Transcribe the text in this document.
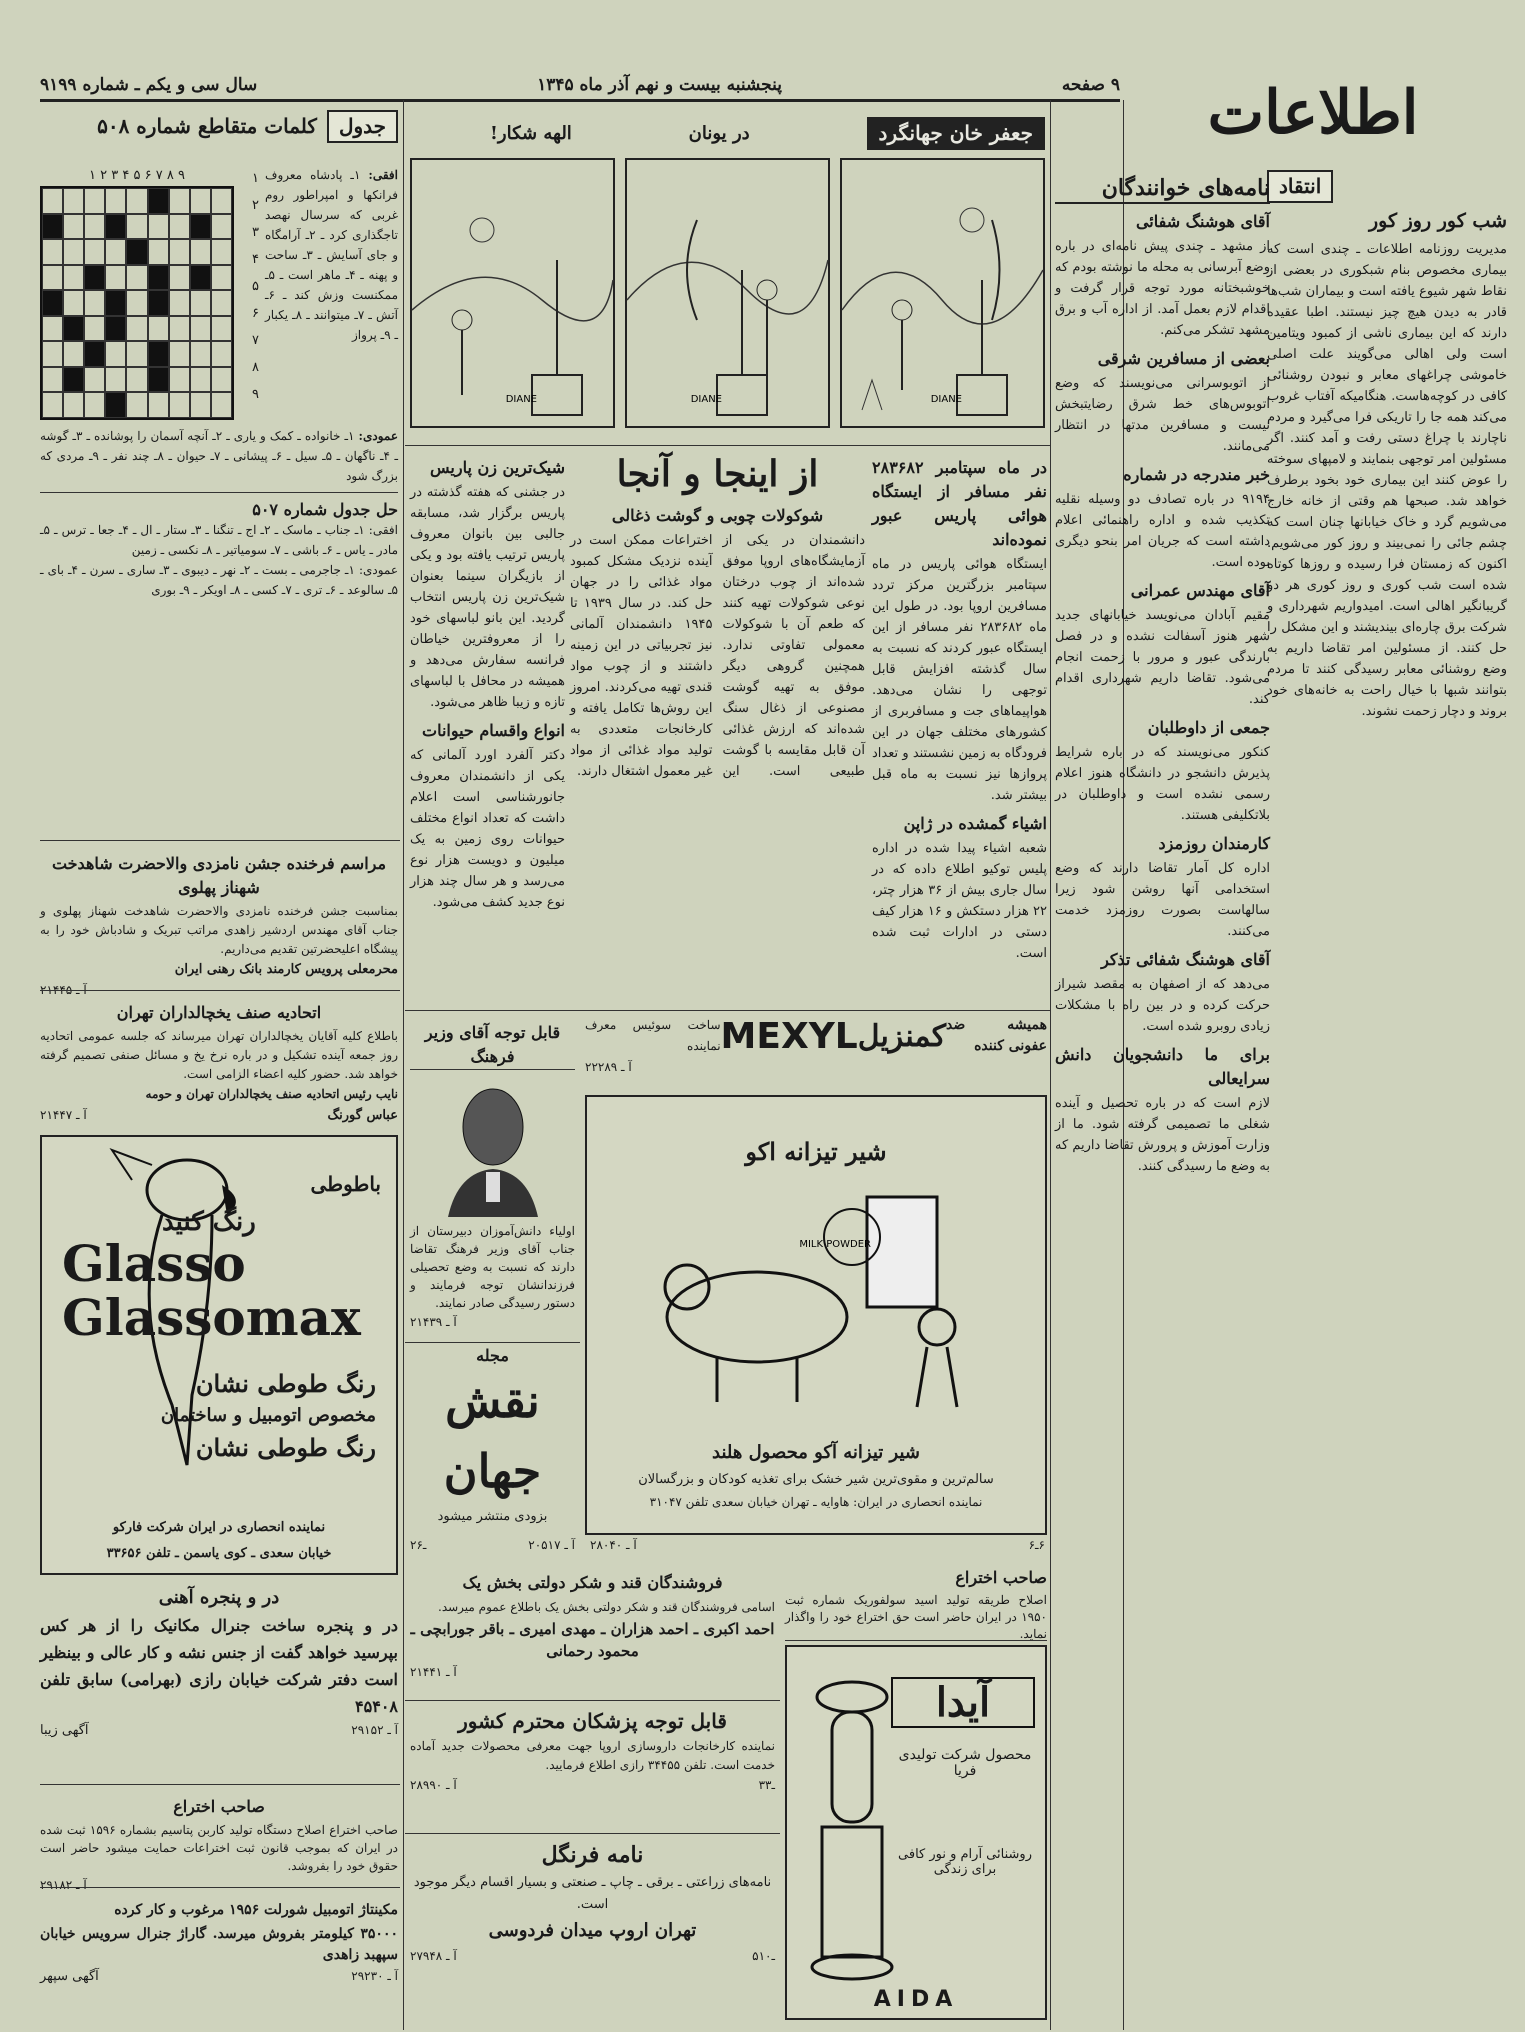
۹ صفحه
پنجشنبه بیست و نهم آذر ماه ۱۳۴۵
سال سی و یکم ـ شماره ۹۱۹۹	اطلاعات
انتقاد
شب کور روز کور
مدیریت روزنامه اطلاعات ـ چندی است که بیماری مخصوص بنام شبکوری در بعضی از نقاط شهر شیوع یافته است و بیماران شب‌ها قادر به دیدن هیچ چیز نیستند. اطبا عقیده دارند که این بیماری ناشی از کمبود ویتامین است ولی اهالی می‌گویند علت اصلی خاموشی چراغهای معابر و نبودن روشنائی کافی در کوچه‌هاست. هنگامیکه آفتاب غروب می‌کند همه جا را تاریکی فرا می‌گیرد و مردم ناچارند با چراغ دستی رفت و آمد کنند. اگر مسئولین امر توجهی بنمایند و لامپهای سوخته را عوض کنند این بیماری خود بخود برطرف خواهد شد. صبحها هم وقتی از خانه خارج می‌شویم گرد و خاک خیابانها چنان است که چشم جائی را نمی‌بیند و روز کور می‌شویم. اکنون که زمستان فرا رسیده و روزها کوتاه شده است شب کوری و روز کوری هر دو گریبانگیر اهالی است. امیدواریم شهرداری و شرکت برق چاره‌ای بیندیشند و این مشکل را حل کنند. از مسئولین امر تقاضا داریم به وضع روشنائی معابر رسیدگی کنند تا مردم بتوانند شبها با خیال راحت به خانه‌های خود بروند و دچار زحمت نشوند.
نامه‌های خوانندگان
آقای هوشنگ شفائی
از مشهد ـ چندی پیش نامه‌ای در باره وضع آبرسانی به محله ما نوشته بودم که خوشبختانه مورد توجه قرار گرفت و اقدام لازم بعمل آمد. از اداره آب و برق مشهد تشکر می‌کنم.
بعضی از مسافرین شرقی
از اتوبوسرانی می‌نویسند که وضع اتوبوس‌های خط شرق رضایتبخش نیست و مسافرین مدتها در انتظار می‌مانند.
خبر مندرجه در شماره
۹۱۹۴ در باره تصادف دو وسیله نقلیه تکذیب شده و اداره راهنمائی اعلام داشته است که جریان امر بنحو دیگری بوده است.
آقای مهندس عمرانی
مقیم آبادان می‌نویسد خیابانهای جدید شهر هنوز آسفالت نشده و در فصل بارندگی عبور و مرور با زحمت انجام می‌شود. تقاضا داریم شهرداری اقدام کند.
جمعی از داوطلبان
کنکور می‌نویسند که در باره شرایط پذیرش دانشجو در دانشگاه هنوز اعلام رسمی نشده است و داوطلبان در بلاتکلیفی هستند.
کارمندان روزمزد
اداره کل آمار تقاضا دارند که وضع استخدامی آنها روشن شود زیرا سالهاست بصورت روزمزد خدمت می‌کنند.
آقای هوشنگ شفائی تذکر
می‌دهد که از اصفهان به مقصد شیراز حرکت کرده و در بین راه با مشکلات زیادی روبرو شده است.
برای ما دانشجویان دانش سرایعالی
لازم است که در باره تحصیل و آینده شغلی ما تصمیمی گرفته شود. ما از وزارت آموزش و پرورش تقاضا داریم که به وضع ما رسیدگی کنند.
جعفر خان جهانگرد
در یونان
الهه شکار!
DIANE
DIANE
DIANE
در ماه سپتامبر ۲۸۳۶۸۲ نفر مسافر از ایستگاه هوائی پاریس عبور نموده‌اند
ایستگاه هوائی پاریس در ماه سپتامبر بزرگترین مرکز تردد مسافرین اروپا بود. در طول این ماه ۲۸۳۶۸۲ نفر مسافر از این ایستگاه عبور کردند که نسبت به سال گذشته افزایش قابل توجهی را نشان می‌دهد. هواپیماهای جت و مسافربری از کشورهای مختلف جهان در این فرودگاه به زمین نشستند و تعداد پروازها نیز نسبت به ماه قبل بیشتر شد.
اشیاء گمشده در ژاپن
شعبه اشیاء پیدا شده در اداره پلیس توکیو اطلاع داده که در سال جاری بیش از ۳۶ هزار چتر، ۲۲ هزار دستکش و ۱۶ هزار کیف دستی در ادارات ثبت شده است.
از اینجا و آنجا
شوکولات چوبی و گوشت ذغالی
دانشمندان در یکی از آزمایشگاه‌های اروپا موفق شده‌اند از چوب درختان نوعی شوکولات تهیه کنند که طعم آن با شوکولات معمولی تفاوتی ندارد. همچنین گروهی دیگر موفق به تهیه گوشت مصنوعی از ذغال سنگ شده‌اند که ارزش غذائی آن قابل مقایسه با گوشت طبیعی است. این اختراعات ممکن است در آینده نزدیک مشکل کمبود مواد غذائی را در جهان حل کند. در سال ۱۹۳۹ تا ۱۹۴۵ دانشمندان آلمانی نیز تجربیاتی در این زمینه داشتند و از چوب مواد قندی تهیه می‌کردند. امروز این روش‌ها تکامل یافته و کارخانجات متعددی به تولید مواد غذائی از مواد غیر معمول اشتغال دارند.
شیک‌ترین زن پاریس
در جشنی که هفته گذشته در پاریس برگزار شد، مسابقه جالبی بین بانوان معروف پاریس ترتیب یافته بود و یکی از بازیگران سینما بعنوان شیک‌ترین زن پاریس انتخاب گردید. این بانو لباسهای خود را از معروفترین خیاطان فرانسه سفارش می‌دهد و همیشه در محافل با لباسهای تازه و زیبا ظاهر می‌شود.
انواع واقسام حیوانات
دکتر آلفرد اورد آلمانی که یکی از دانشمندان معروف جانورشناسی است اعلام داشت که تعداد انواع مختلف حیوانات روی زمین به یک میلیون و دویست هزار نوع می‌رسد و هر سال چند هزار نوع جدید کشف می‌شود.
جدول
کلمات متقاطع شماره ۵۰۸
افقی: ۱ـ پادشاه معروف فرانکها و امپراطور روم غربی که سرسال نهصد تاجگذاری کرد ـ ۲ـ آرامگاه و جای آسایش ـ ۳ـ ساحت و پهنه ـ ۴ـ ماهر است ـ ۵ـ ممکنست وزش کند ـ ۶ـ آتش ـ ۷ـ میتوانند ـ ۸ـ یکبار ـ ۹ـ پرواز
۱ ۲ ۳ ۴ ۵ ۶ ۷ ۸ ۹
۹ ۸ ۷ ۶ ۵ ۴ ۳ ۲ ۱
عمودی: ۱ـ خانواده ـ کمک و یاری ـ ۲ـ آنچه آسمان را پوشانده ـ ۳ـ گوشه ـ ۴ـ ناگهان ـ ۵ـ سیل ـ ۶ـ پیشانی ـ ۷ـ حیوان ـ ۸ـ چند نفر ـ ۹ـ مردی که بزرگ شود
حل جدول شماره ۵۰۷
افقی: ۱ـ جناب ـ ماسک ـ ۲ـ اج ـ تنگنا ـ ۳ـ ستار ـ ال ـ ۴ـ جعا ـ ترس ـ ۵ـ مادر ـ یاس ـ ۶ـ باشی ـ ۷ـ سومیاتیر ـ ۸ـ نکسی ـ زمین
عمودی: ۱ـ جاجرمی ـ بست ـ ۲ـ نهر ـ دیبوی ـ ۳ـ ساری ـ سرن ـ ۴ـ بای ـ ۵ـ سالوعد ـ ۶ـ تری ـ ۷ـ کسی ـ ۸ـ اویکر ـ ۹ـ بوری
مراسم فرخنده جشن نامزدی والاحضرت شاهدخت شهناز پهلوی
بمناسبت جشن فرخنده نامزدی والاحضرت شاهدخت شهناز پهلوی و جناب آقای مهندس اردشیر زاهدی مراتب تبریک و شادباش خود را به پیشگاه اعلیحضرتین تقدیم می‌داریم.
محرمعلی پرویس کارمند بانک رهنی ایران
آ ـ ۲۱۴۴۵
اتحادیه صنف یخچالداران تهران
باطلاع کلیه آقایان یخچالداران تهران میرساند که جلسه عمومی اتحادیه روز جمعه آینده تشکیل و در باره نرخ یخ و مسائل صنفی تصمیم گرفته خواهد شد. حضور کلیه اعضاء الزامی است.
نایب رئیس اتحادیه صنف یخچالداران تهران و حومه
عباس گورنگ
آ ـ ۲۱۴۴۷
باطوطی
رنگ کنید
Glasso
Glassomax
رنگ طوطی نشان
مخصوص اتومبیل و ساختمان
رنگ طوطی نشان
نماینده انحصاری در ایران شرکت فارکو
خیابان سعدی ـ کوی یاسمن ـ تلفن ۳۳۶۵۶
در و پنجره آهنی
در و پنجره ساخت جنرال مکانیک را از هر کس بپرسید خواهد گفت از جنس نشه و کار عالی و بینظیر است دفتر شرکت خیابان رازی (بهرامی) سابق تلفن ۴۵۴۰۸
آ ـ ۲۹۱۵۲
آگهی زیبا
صاحب اختراع
صاحب اختراع اصلاح دستگاه تولید کاربن پتاسیم بشماره ۱۵۹۶ ثبت شده در ایران که بموجب قانون ثبت اختراعات حمایت میشود حاضر است حقوق خود را بفروشد.
آ ـ ۲۹۱۸۲
مکینتاژ اتومبیل شورلت ۱۹۵۶ مرغوب و کار کرده
۳۵۰۰۰ کیلومتر بفروش میرسد. گاراژ جنرال سرویس خیابان سپهبد زاهدی
آ ـ ۲۹۲۳۰
آگهی سپهر
قابل توجه آقای وزیر فرهنگ
اولیاء دانش‌آموزان دبیرستان از جناب آقای وزیر فرهنگ تقاضا دارند که نسبت به وضع تحصیلی فرزندانشان توجه فرمایند و دستور رسیدگی صادر نمایند.
آ ـ ۲۱۴۳۹
مجله
نقش جهان
بزودی منتشر میشود
آ ـ ۲۰۵۱۷
۲ـ۶
همیشه ضد عفونی کننده
کمنزیل
MEXYL
ساخت سوئیس معرف نماینده
آ ـ ۲۲۲۸۹
شیر تیزانه اکو
MILK POWDER
شیر تیزانه آکو محصول هلند
سالم‌ترین و مقوی‌ترین شیر خشک برای تغذیه کودکان و بزرگسالان
نماینده انحصاری در ایران: هاوایه ـ تهران خیابان سعدی تلفن ۳۱۰۴۷
۶ـ۶
آ ـ ۲۸۰۴۰
صاحب اختراع
اصلاح طریقه تولید اسید سولفوریک شماره ثبت ۱۹۵۰ در ایران حاضر است حق اختراع خود را واگذار نماید.
فروشندگان قند و شکر دولتی بخش یک
اسامی فروشندگان قند و شکر دولتی بخش یک باطلاع عموم میرسد.
احمد اکبری ـ احمد هزاران ـ مهدی امیری ـ باقر جورابچی ـ محمود رحمانی
آ ـ ۲۱۴۴۱
قابل توجه پزشکان محترم کشور
نماینده کارخانجات داروسازی اروپا جهت معرفی محصولات جدید آماده خدمت است. تلفن ۳۴۴۵۵ رازی اطلاع فرمایید.
۳ـ۳
آ ـ ۲۸۹۹۰
نامه فرنگل
نامه‌های زراعتی ـ برقی ـ چاپ ـ صنعتی و بسیار اقسام دیگر موجود است.
تهران اروپ میدان فردوسی
۵ـ۱۰
آ ـ ۲۷۹۴۸
آیدا
محصول شرکت تولیدی فریا
روشنائی آرام و نور کافی برای زندگی
AIDA
